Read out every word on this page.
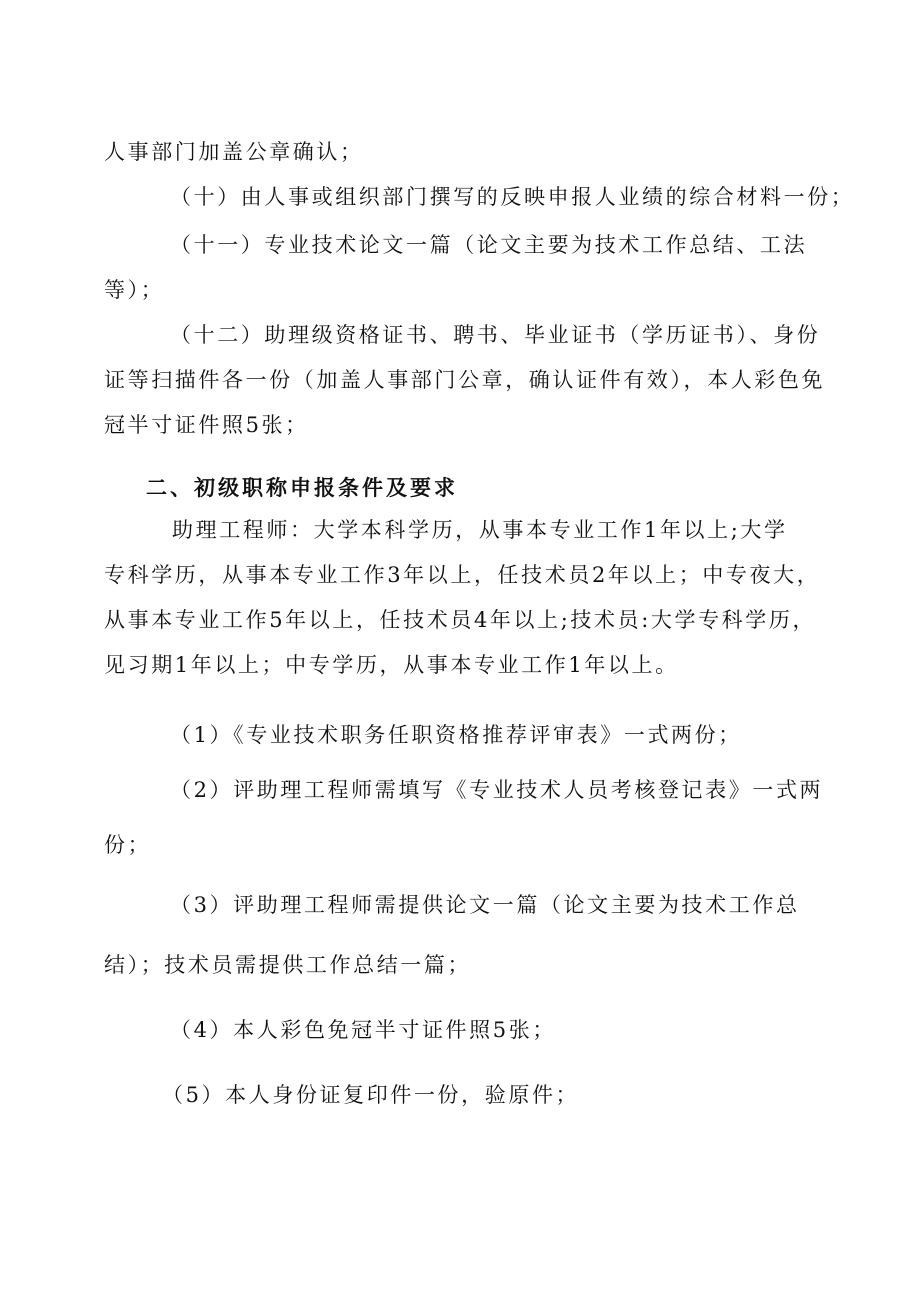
人事部门加盖公章确认；
（十）由人事或组织部门撰写的反映申报人业绩的综合材料一份；
（十一）专业技术论文一篇（论文主要为技术工作总结、工法
等）；
（十二）助理级资格证书、聘书、毕业证书（学历证书）、身份
证等扫描件各一份（加盖人事部门公章，确认证件有效），本人彩色免
冠半寸证件照5张；
二、初级职称申报条件及要求
助理工程师：大学本科学历，从事本专业工作1年以上;大学
专科学历，从事本专业工作3年以上，任技术员2年以上；中专夜大，
从事本专业工作5年以上，任技术员4年以上;技术员:大学专科学历，
见习期1年以上；中专学历，从事本专业工作1年以上。
（1）《专业技术职务任职资格推荐评审表》一式两份；
（2）评助理工程师需填写《专业技术人员考核登记表》一式两
份；
（3）评助理工程师需提供论文一篇（论文主要为技术工作总
结）；技术员需提供工作总结一篇；
（4）本人彩色免冠半寸证件照5张；
（5）本人身份证复印件一份，验原件；
